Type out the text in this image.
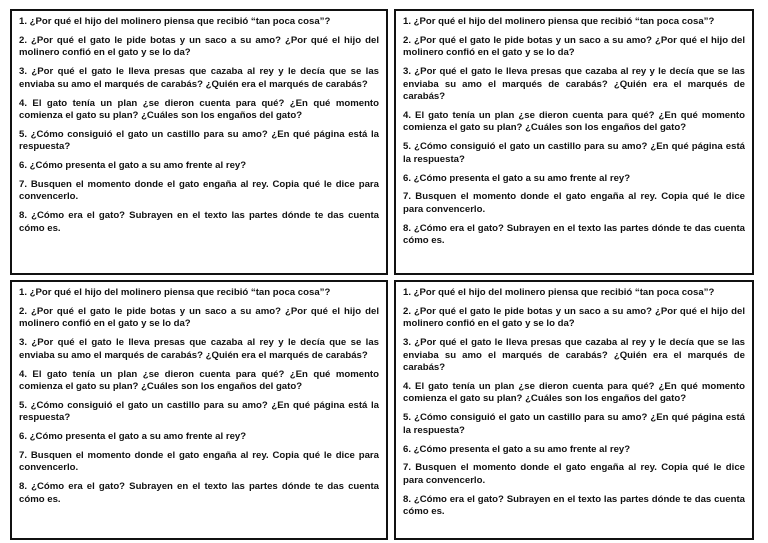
1. ¿Por qué el hijo del molinero piensa que recibió “tan poca cosa”?

2. ¿Por qué el gato le pide botas y un saco a su amo? ¿Por qué el hijo del molinero confió en el gato y se lo da?

3. ¿Por qué el gato le lleva presas que cazaba al rey y le decía que se las enviaba su amo el marqués de carabás? ¿Quién era el marqués de carabás?

4. El gato tenía un plan ¿se dieron cuenta para qué? ¿En qué momento comienza el gato su plan? ¿Cuáles son los engaños del gato?

5. ¿Cómo consiguió el gato un castillo para su amo? ¿En qué página está la respuesta?

6. ¿Cómo presenta el gato a su amo frente al rey?

7. Busquen el momento donde el gato engaña al rey. Copia qué le dice para convencerlo.

8. ¿Cómo era el gato? Subrayen en el texto las partes dónde te das cuenta cómo es.

1. ¿Por qué el hijo del molinero piensa que recibió “tan poca cosa”?

2. ¿Por qué el gato le pide botas y un saco a su amo? ¿Por qué el hijo del molinero confió en el gato y se lo da?

3. ¿Por qué el gato le lleva presas que cazaba al rey y le decía que se las enviaba su amo el marqués de carabás? ¿Quién era el marqués de carabás?

4. El gato tenía un plan ¿se dieron cuenta para qué? ¿En qué momento comienza el gato su plan? ¿Cuáles son los engaños del gato?

5. ¿Cómo consiguió el gato un castillo para su amo? ¿En qué página está la respuesta?

6. ¿Cómo presenta el gato a su amo frente al rey?

7. Busquen el momento donde el gato engaña al rey. Copia qué le dice para convencerlo.

8. ¿Cómo era el gato? Subrayen en el texto las partes dónde te das cuenta cómo es.

1. ¿Por qué el hijo del molinero piensa que recibió “tan poca cosa”?

2. ¿Por qué el gato le pide botas y un saco a su amo? ¿Por qué el hijo del molinero confió en el gato y se lo da?

3. ¿Por qué el gato le lleva presas que cazaba al rey y le decía que se las enviaba su amo el marqués de carabás? ¿Quién era el marqués de carabás?

4. El gato tenía un plan ¿se dieron cuenta para qué? ¿En qué momento comienza el gato su plan? ¿Cuáles son los engaños del gato?

5. ¿Cómo consiguió el gato un castillo para su amo? ¿En qué página está la respuesta?

6. ¿Cómo presenta el gato a su amo frente al rey?

7. Busquen el momento donde el gato engaña al rey. Copia qué le dice para convencerlo.

8. ¿Cómo era el gato? Subrayen en el texto las partes dónde te das cuenta cómo es.

1. ¿Por qué el hijo del molinero piensa que recibió “tan poca cosa”?

2. ¿Por qué el gato le pide botas y un saco a su amo? ¿Por qué el hijo del molinero confió en el gato y se lo da?

3. ¿Por qué el gato le lleva presas que cazaba al rey y le decía que se las enviaba su amo el marqués de carabás? ¿Quién era el marqués de carabás?

4. El gato tenía un plan ¿se dieron cuenta para qué? ¿En qué momento comienza el gato su plan? ¿Cuáles son los engaños del gato?

5. ¿Cómo consiguió el gato un castillo para su amo? ¿En qué página está la respuesta?

6. ¿Cómo presenta el gato a su amo frente al rey?

7. Busquen el momento donde el gato engaña al rey. Copia qué le dice para convencerlo.

8. ¿Cómo era el gato? Subrayen en el texto las partes dónde te das cuenta cómo es.
